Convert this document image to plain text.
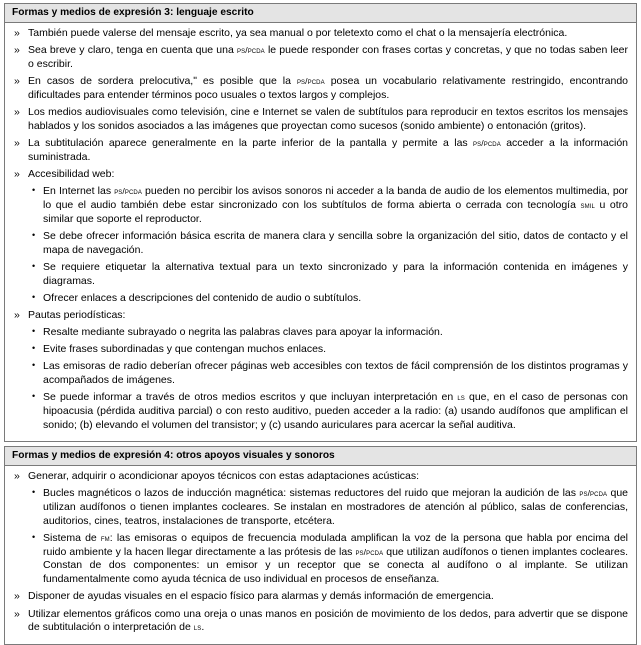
Formas y medios de expresión 3: lenguaje escrito
» También puede valerse del mensaje escrito, ya sea manual o por teletexto como el chat o la mensajería electrónica.
» Sea breve y claro, tenga en cuenta que una ps/pcda le puede responder con frases cortas y concretas, y que no todas saben leer o escribir.
» En casos de sordera prelocutiva,ʺ es posible que la ps/pcda posea un vocabulario relativamente restringido, encontrando dificultades para entender términos poco usuales o textos largos y complejos.
» Los medios audiovisuales como televisión, cine e Internet se valen de subtítulos para reproducir en textos escritos los mensajes hablados y los sonidos asociados a las imágenes que proyectan como sucesos (sonido ambiente) o entonación (gritos).
» La subtitulación aparece generalmente en la parte inferior de la pantalla y permite a las ps/pcda acceder a la información suministrada.
» Accesibilidad web:
• En Internet las ps/pcda pueden no percibir los avisos sonoros ni acceder a la banda de audio de los elementos multimedia, por lo que el audio también debe estar sincronizado con los subtítulos de forma abierta o cerrada con tecnología smil u otro similar que soporte el reproductor.
• Se debe ofrecer información básica escrita de manera clara y sencilla sobre la organización del sitio, datos de contacto y el mapa de navegación.
• Se requiere etiquetar la alternativa textual para un texto sincronizado y para la información contenida en imágenes y diagramas.
• Ofrecer enlaces a descripciones del contenido de audio o subtítulos.
» Pautas periodísticas:
• Resalte mediante subrayado o negrita las palabras claves para apoyar la información.
• Evite frases subordinadas y que contengan muchos enlaces.
• Las emisoras de radio deberían ofrecer páginas web accesibles con textos de fácil comprensión de los distintos programas y acompañados de imágenes.
• Se puede informar a través de otros medios escritos y que incluyan interpretación en ls que, en el caso de personas con hipoacusia (pérdida auditiva parcial) o con resto auditivo, pueden acceder a la radio: (a) usando audífonos que amplifican el sonido; (b) elevando el volumen del transistor; y (c) usando auriculares para acercar la señal auditiva.
Formas y medios de expresión 4: otros apoyos visuales y sonoros
» Generar, adquirir o acondicionar apoyos técnicos con estas adaptaciones acústicas:
• Bucles magnéticos o lazos de inducción magnética: sistemas reductores del ruido que mejoran la audición de las ps/pcda que utilizan audífonos o tienen implantes cocleares. Se instalan en mostradores de atención al público, salas de conferencias, auditorios, cines, teatros, instalaciones de transporte, etcétera.
• Sistema de fm: las emisoras o equipos de frecuencia modulada amplifican la voz de la persona que habla por encima del ruido ambiente y la hacen llegar directamente a las prótesis de las ps/pcda que utilizan audífonos o tienen implantes cocleares. Constan de dos componentes: un emisor y un receptor que se conecta al audífono o al implante. Se utilizan fundamentalmente como ayuda técnica de uso individual en procesos de enseñanza.
» Disponer de ayudas visuales en el espacio físico para alarmas y demás información de emergencia.
» Utilizar elementos gráficos como una oreja o unas manos en posición de movimiento de los dedos, para advertir que se dispone de subtitulación o interpretación de ls.
